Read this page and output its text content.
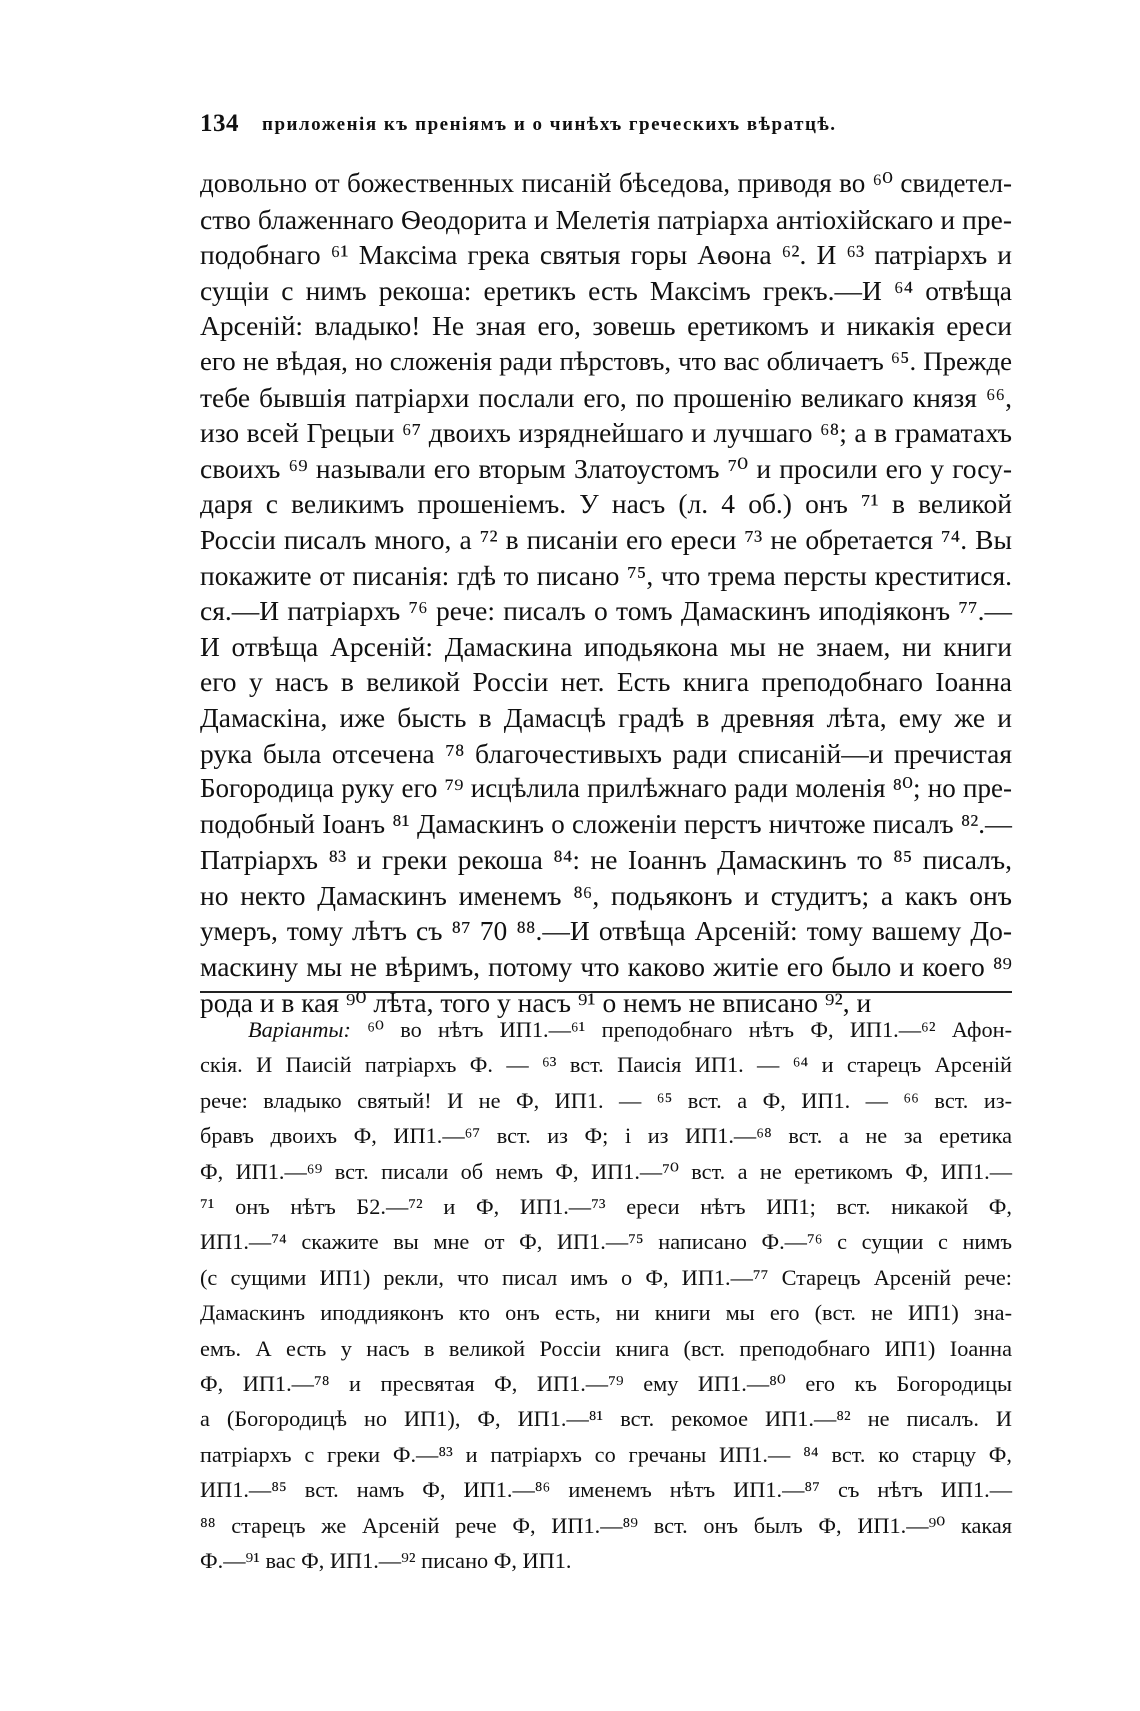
134 приложенія къ преніямъ и о чинѣхъ греческихъ вѣратцѣ.
довольно от божественных писаній бѣседова, приводя во ⁶⁰ свидетел-
ство блаженнаго Ѳеодорита и Мелетія патріарха антіохійскаго и пре-
подобнаго ⁶¹ Максіма грека святыя горы Аѳона ⁶². И ⁶³ патріархъ и
сущіи с нимъ рекоша: еретикъ есть Максімъ грекъ.—И ⁶⁴ отвѣща
Арсеній: владыко! Не зная его, зовешь еретикомъ и никакія ереси
его не вѣдая, но сложенія ради пѣрстовъ, что вас обличаетъ ⁶⁵. Прежде
тебе бывшія патріархи послали его, по прошенію великаго князя ⁶⁶,
изо всей Грецыи ⁶⁷ двоихъ изряднейшаго и лучшаго ⁶⁸; а в граматахъ
своихъ ⁶⁹ называли его вторым Златоустомъ ⁷⁰ и просили его у госу-
даря с великимъ прошеніемъ. У насъ (л. 4 об.) онъ ⁷¹ в великой
Россіи писалъ много, а ⁷² в писаніи его ереси ⁷³ не обретается ⁷⁴. Вы
покажите от писанія: гдѣ то писано ⁷⁵, что трема персты креститися.
ся.—И патріархъ ⁷⁶ рече: писалъ о томъ Дамаскинъ иподіяконъ ⁷⁷.—
И отвѣща Арсеній: Дамаскина иподьякона мы не знаем, ни книги
его у насъ в великой Россіи нет. Есть книга преподобнаго Іоанна
Дамаскіна, иже бысть в Дамасцѣ градѣ в древняя лѣта, ему же и
рука была отсечена ⁷⁸ благочестивыхъ ради списаній—и пречистая
Богородица руку его ⁷⁹ исцѣлила прилѣжнаго ради моленія ⁸⁰; но пре-
подобный Іоанъ ⁸¹ Дамаскинъ о сложеніи перстъ ничтоже писалъ ⁸².—
Патріархъ ⁸³ и греки рекоша ⁸⁴: не Іоаннъ Дамаскинъ то ⁸⁵ писалъ,
но некто Дамаскинъ именемъ ⁸⁶, подьяконъ и студитъ; а какъ онъ
умеръ, тому лѣтъ съ ⁸⁷ 70 ⁸⁸.—И отвѣща Арсеній: тому вашему До-
маскину мы не вѣримъ, потому что каково житіе его было и коего ⁸⁹
рода и в кая ⁹⁰ лѣта, того у насъ ⁹¹ о немъ не вписано ⁹², и
Варіанты: ⁶⁰ во нѣтъ ИП1.—⁶¹ преподобнаго нѣтъ Ф, ИП1.—⁶² Афон-
скія. И Паисій патріархъ Ф. — ⁶³ вст. Паисія ИП1. — ⁶⁴ и старецъ Арсеній
рече: владыко святый! И не Ф, ИП1. — ⁶⁵ вст. а Ф, ИП1. — ⁶⁶ вст. из-
бравъ двоихъ Ф, ИП1.—⁶⁷ вст. из Ф; і из ИП1.—⁶⁸ вст. а не за еретика
Ф, ИП1.—⁶⁹ вст. писали об немъ Ф, ИП1.—⁷⁰ вст. а не еретикомъ Ф, ИП1.—
⁷¹ онъ нѣтъ Б2.—⁷² и Ф, ИП1.—⁷³ ереси нѣтъ ИП1; вст. никакой Ф,
ИП1.—⁷⁴ скажите вы мне от Ф, ИП1.—⁷⁵ написано Ф.—⁷⁶ с сущии с нимъ
(с сущими ИП1) рекли, что писал имъ о Ф, ИП1.—⁷⁷ Старецъ Арсеній рече:
Дамаскинъ иподдияконъ кто онъ есть, ни книги мы его (вст. не ИП1) зна-
емъ. А есть у насъ в великой Россіи книга (вст. преподобнаго ИП1) Іоанна
Ф, ИП1.—⁷⁸ и пресвятая Ф, ИП1.—⁷⁹ ему ИП1.—⁸⁰ его къ Богородицы
а (Богородицѣ но ИП1), Ф, ИП1.—⁸¹ вст. рекомое ИП1.—⁸² не писалъ. И
патріархъ с греки Ф.—⁸³ и патріархъ со гречаны ИП1.— ⁸⁴ вст. ко старцу Ф,
ИП1.—⁸⁵ вст. намъ Ф, ИП1.—⁸⁶ именемъ нѣтъ ИП1.—⁸⁷ съ нѣтъ ИП1.—
⁸⁸ старецъ же Арсеній рече Ф, ИП1.—⁸⁹ вст. онъ былъ Ф, ИП1.—⁹⁰ какая
Ф.—⁹¹ вас Ф, ИП1.—⁹² писано Ф, ИП1.
